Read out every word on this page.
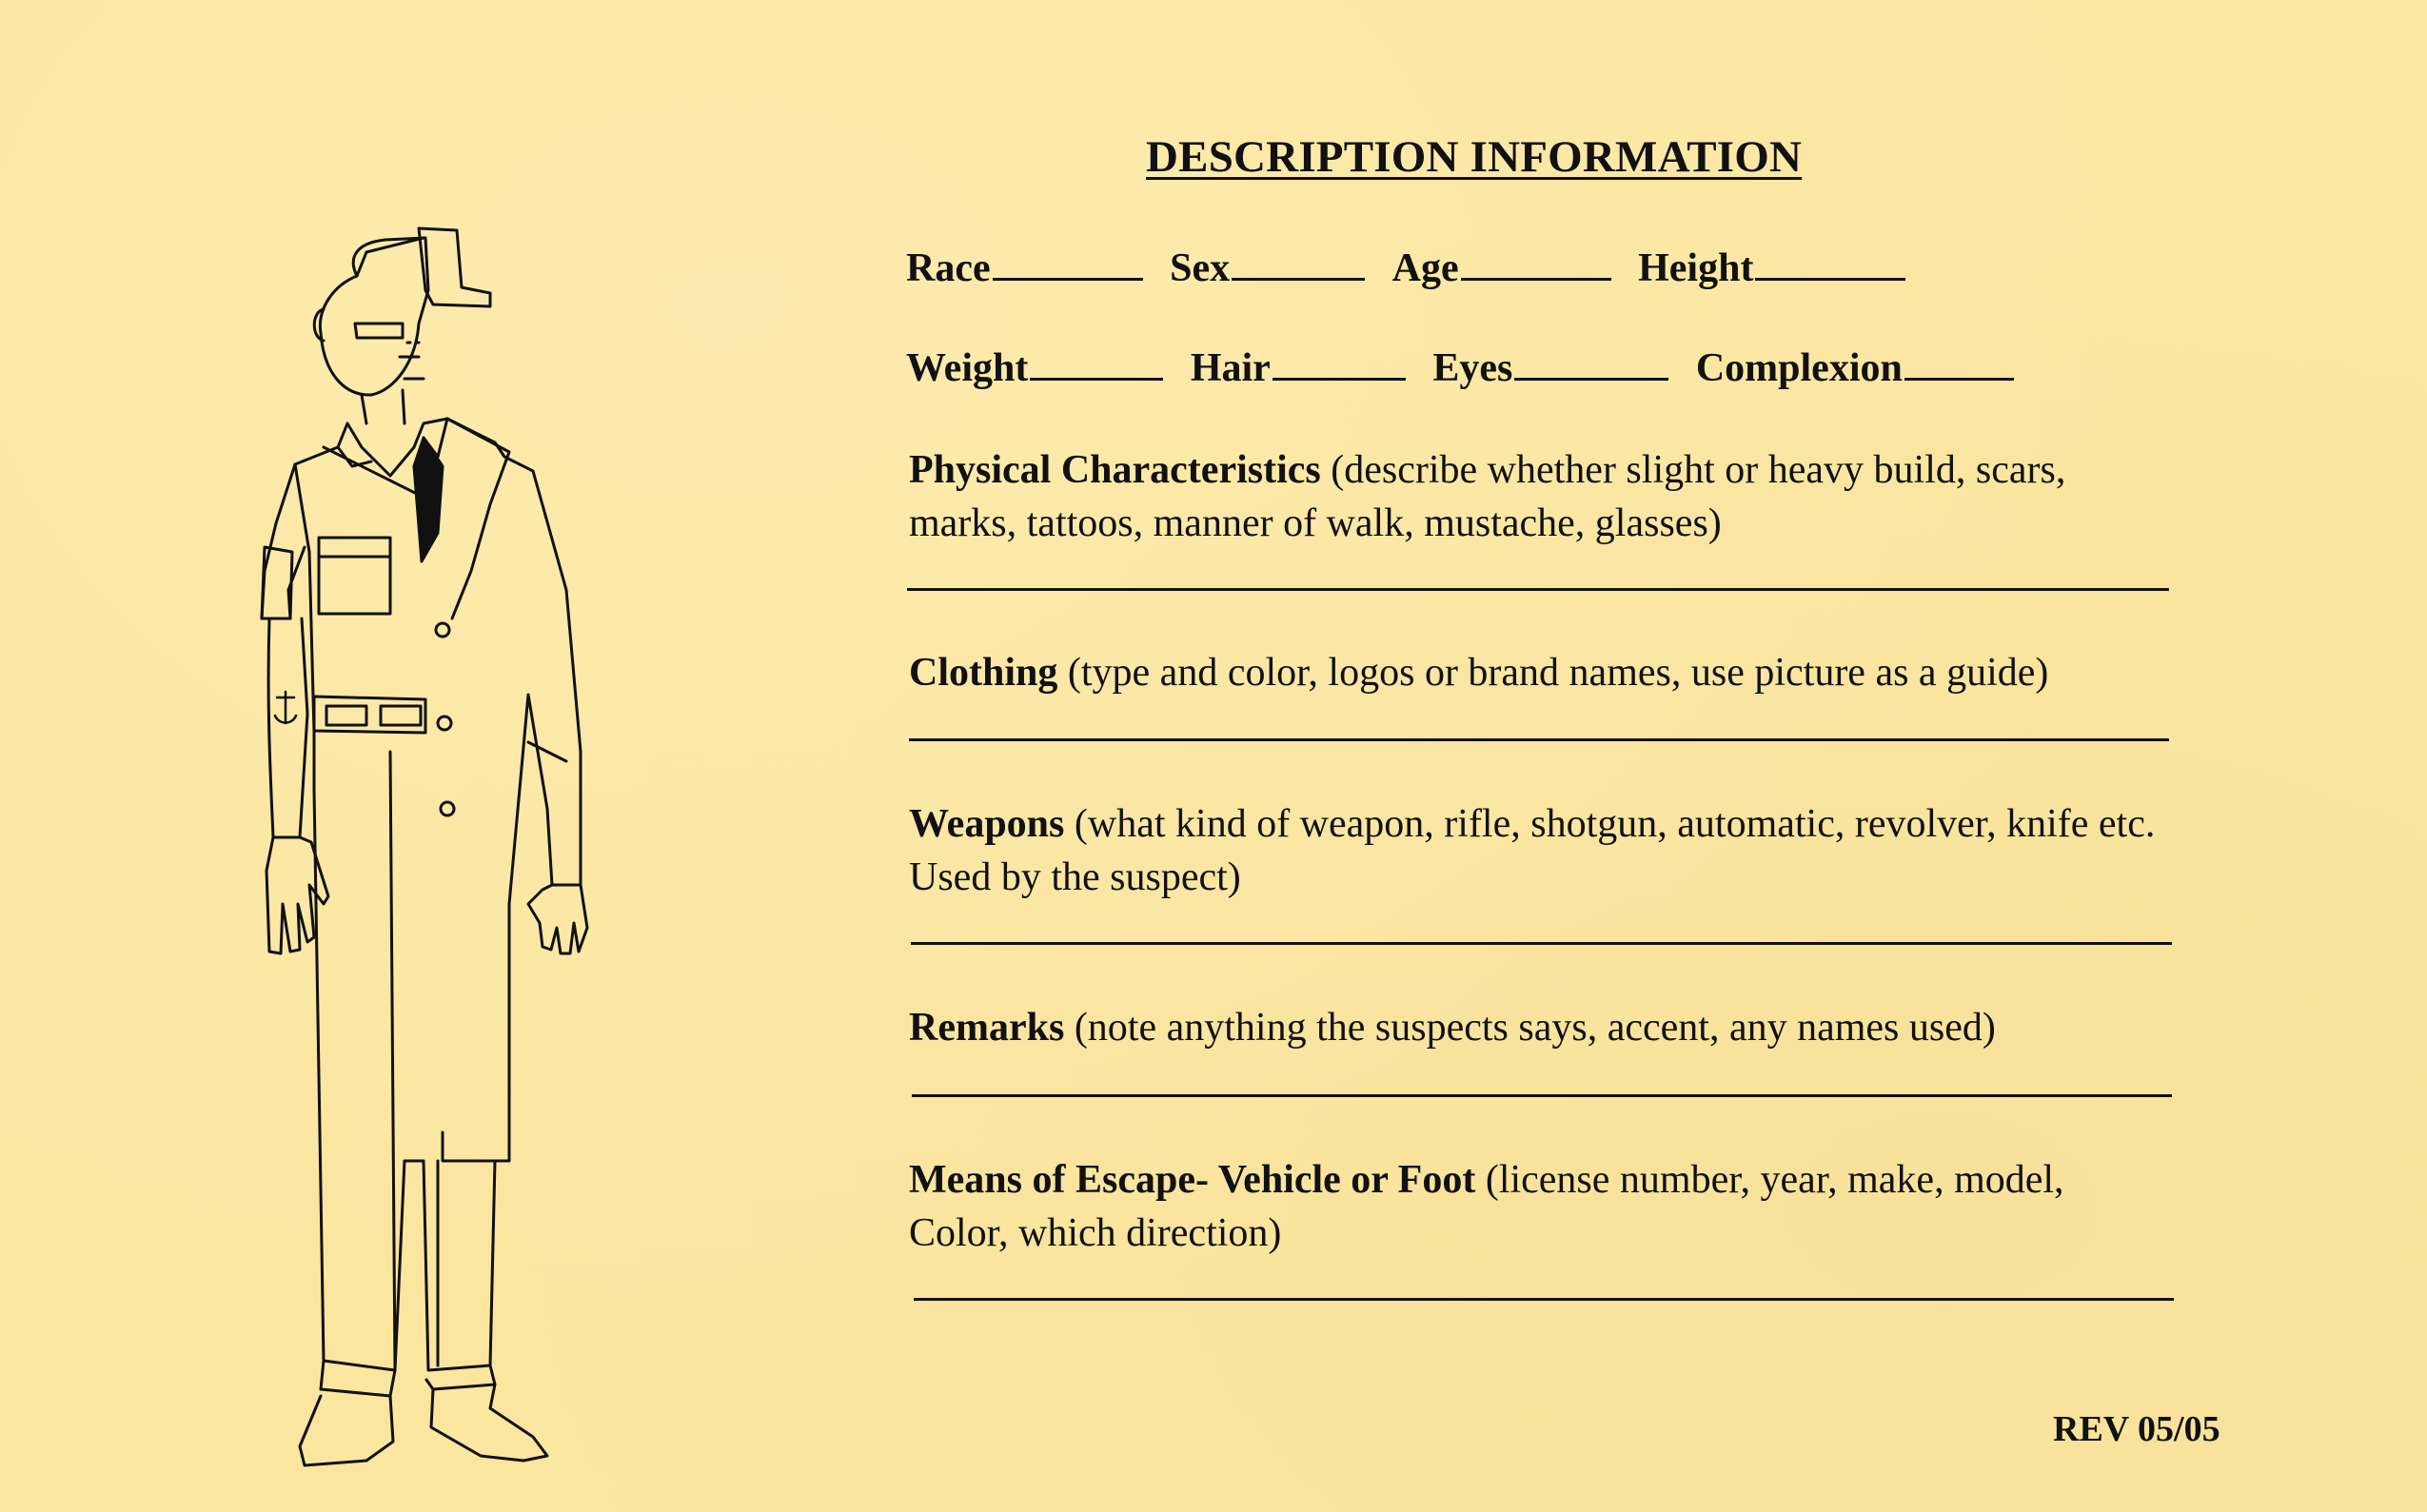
DESCRIPTION INFORMATION
Race	Sex	Age	Height
Weight	Hair	Eyes	Complexion
Physical Characteristics (describe whether slight or heavy build, scars,
marks, tattoos, manner of walk, mustache, glasses)
Clothing (type and color, logos or brand names, use picture as a guide)
Weapons (what kind of weapon, rifle, shotgun, automatic, revolver, knife etc.
Used by the suspect)
Remarks (note anything the suspects says, accent, any names used)
Means of Escape- Vehicle or Foot (license number, year, make, model,
Color, which direction)
REV 05/05
